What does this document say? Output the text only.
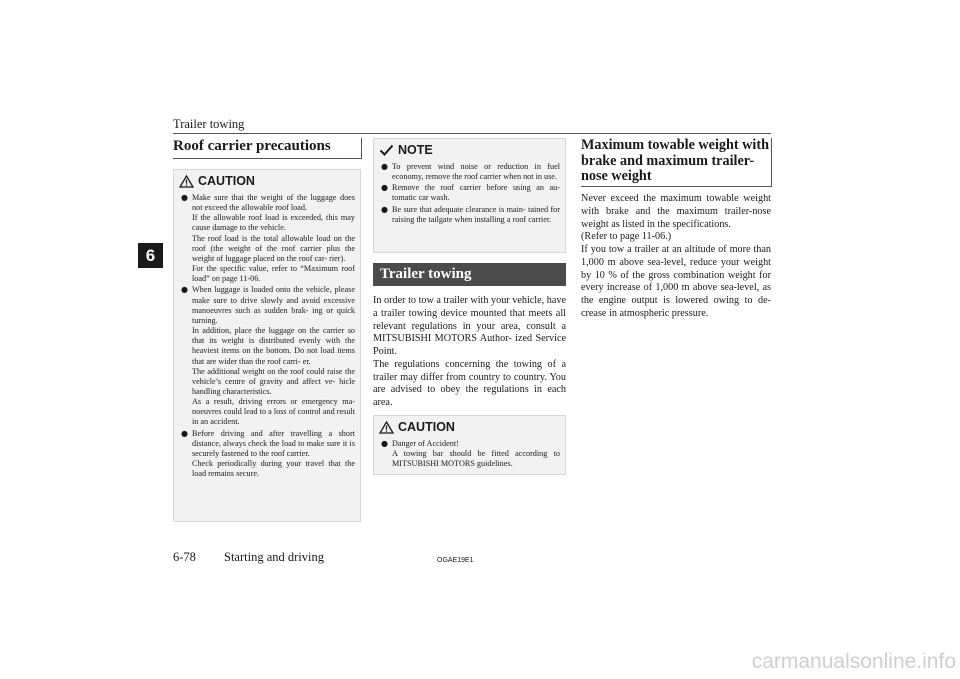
Trailer towing
6
Roof carrier precautions
CAUTION
● Make sure that the weight of the luggage does not exceed the allowable roof load.

If the allowable roof load is exceeded, this may cause damage to the vehicle.

The roof load is the total allowable load on the roof (the weight of the roof carrier plus the weight of luggage placed on the roof car- rier).

For the specific value, refer to “Maximum roof load” on page 11-06.

● When luggage is loaded onto the vehicle, please make sure to drive slowly and avoid excessive manoeuvres such as sudden brak- ing or quick turning.

In addition, place the luggage on the carrier so that its weight is distributed evenly with the heaviest items on the bottom. Do not load items that are wider than the roof carri- er.

The additional weight on the roof could raise the vehicle’s centre of gravity and affect ve- hicle handling characteristics.

As a result, driving errors or emergency ma- noeuvres could lead to a loss of control and result in an accident.

● Before driving and after travelling a short distance, always check the load to make sure it is securely fastened to the roof carrier.

Check periodically during your travel that the load remains secure.

NOTE
● To prevent wind noise or reduction in fuel economy, remove the roof carrier when not in use.

● Remove the roof carrier before using an au- tomatic car wash.

● Be sure that adequate clearance is main- tained for raising the tailgate when installing a roof carrier.

Trailer towing

In order to tow a trailer with your vehicle, have a trailer towing device mounted that meets all relevant regulations in your area, consult a MITSUBISHI MOTORS Author- ized Service Point.

The regulations concerning the towing of a trailer may differ from country to country. You are advised to obey the regulations in each area.

CAUTION
● Danger of Accident!

A towing bar should be fitted according to MITSUBISHI MOTORS guidelines.

Maximum towable weight with brake and maximum trailer- nose weight

Never exceed the maximum towable weight with brake and the maximum trailer-nose weight as listed in the specifications.

(Refer to page 11-06.)

If you tow a trailer at an altitude of more than 1,000 m above sea-level, reduce your weight by 10 % of the gross combination weight for every increase of 1,000 m above sea-level, as the engine output is lowered owing to de- crease in atmospheric pressure.

6-78 Starting and driving	OGAE19E1
carmanualsonline.info
